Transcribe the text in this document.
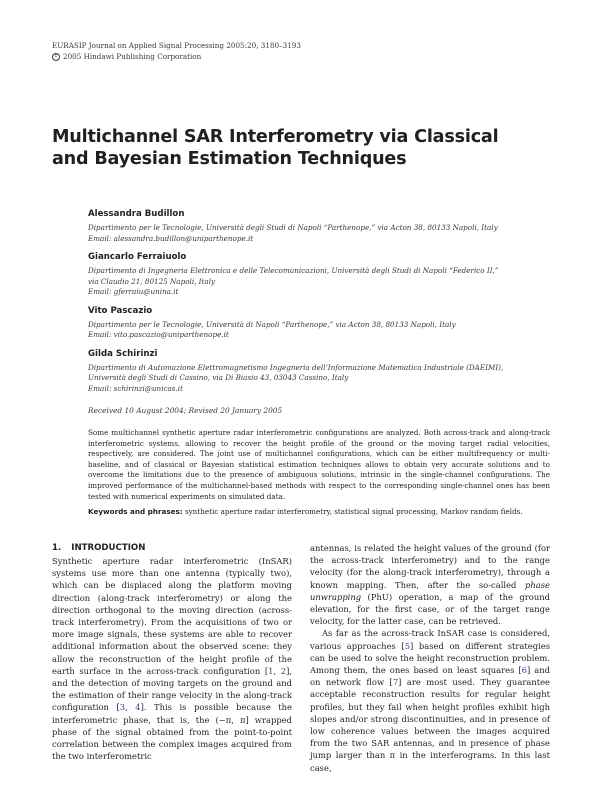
EURASIP Journal on Applied Signal Processing 2005:20, 3180–3193
c 2005 Hindawi Publishing Corporation
Multichannel SAR Interferometry via Classical
and Bayesian Estimation Techniques
Alessandra Budillon
Dipartimento per le Tecnologie, Università degli Studi di Napoli “Parthenope,” via Acton 38, 80133 Napoli, Italy
Email: alessandra.budillon@uniparthenope.it
Giancarlo Ferraiuolo
Dipartimento di Ingegneria Elettronica e delle Telecomunicazioni, Università degli Studi di Napoli “Federico II,”
via Claudio 21, 80125 Napoli, Italy
Email: gferraiu@unina.it
Vito Pascazio
Dipartimento per le Tecnologie, Università di Napoli “Parthenope,” via Acton 38, 80133 Napoli, Italy
Email: vito.pascazio@uniparthenope.it
Gilda Schirinzi
Dipartimento di Automazione Elettromagnetismo Ingegneria dell’Informazione Matematica Industriale (DAEIMI),
Università degli Studi di Cassino, via Di Biasio 43, 03043 Cassino, Italy
Email: schirinzi@unicas.it
Received 10 August 2004; Revised 20 January 2005
Some multichannel synthetic aperture radar interferometric configurations are analyzed. Both across-track and along-track interferometric systems, allowing to recover the height profile of the ground or the moving target radial velocities, respectively, are considered. The joint use of multichannel configurations, which can be either multifrequency or multi-baseline, and of classical or Bayesian statistical estimation techniques allows to obtain very accurate solutions and to overcome the limitations due to the presence of ambiguous solutions, intrinsic in the single-channel configurations. The improved performance of the multichannel-based methods with respect to the corresponding single-channel ones has been tested with numerical experiments on simulated data.
Keywords and phrases: synthetic aperture radar interferometry, statistical signal processing, Markov random fields.
1. INTRODUCTION

Synthetic aperture radar interferometric (InSAR) systems use more than one antenna (typically two), which can be displaced along the platform moving direction (along-track interferometry) or along the direction orthogonal to the moving direction (across-track interferometry). From the acquisitions of two or more image signals, these systems are able to recover additional information about the observed scene: they allow the reconstruction of the height profile of the earth surface in the across-track configuration [1, 2], and the detection of moving targets on the ground and the estimation of their range velocity in the along-track configuration [3, 4]. This is possible because the interferometric phase, that is, the (−π, π] wrapped phase of the signal obtained from the point-to-point correlation between the complex images acquired from the two interferometric

antennas, is related the height values of the ground (for the across-track interferometry) and to the range velocity (for the along-track interferometry), through a known mapping. Then, after the so-called phase unwrapping (PhU) operation, a map of the ground elevation, for the first case, or of the target range velocity, for the latter case, can be retrieved.

As far as the across-track InSAR case is considered, various approaches [5] based on different strategies can be used to solve the height reconstruction problem. Among them, the ones based on least squares [6] and on network flow [7] are most used. They guarantee acceptable reconstruction results for regular height profiles, but they fail when height profiles exhibit high slopes and/or strong discontinuities, and in presence of low coherence values between the images acquired from the two SAR antennas, and in presence of phase jump larger than π in the interferograms. In this last case,
